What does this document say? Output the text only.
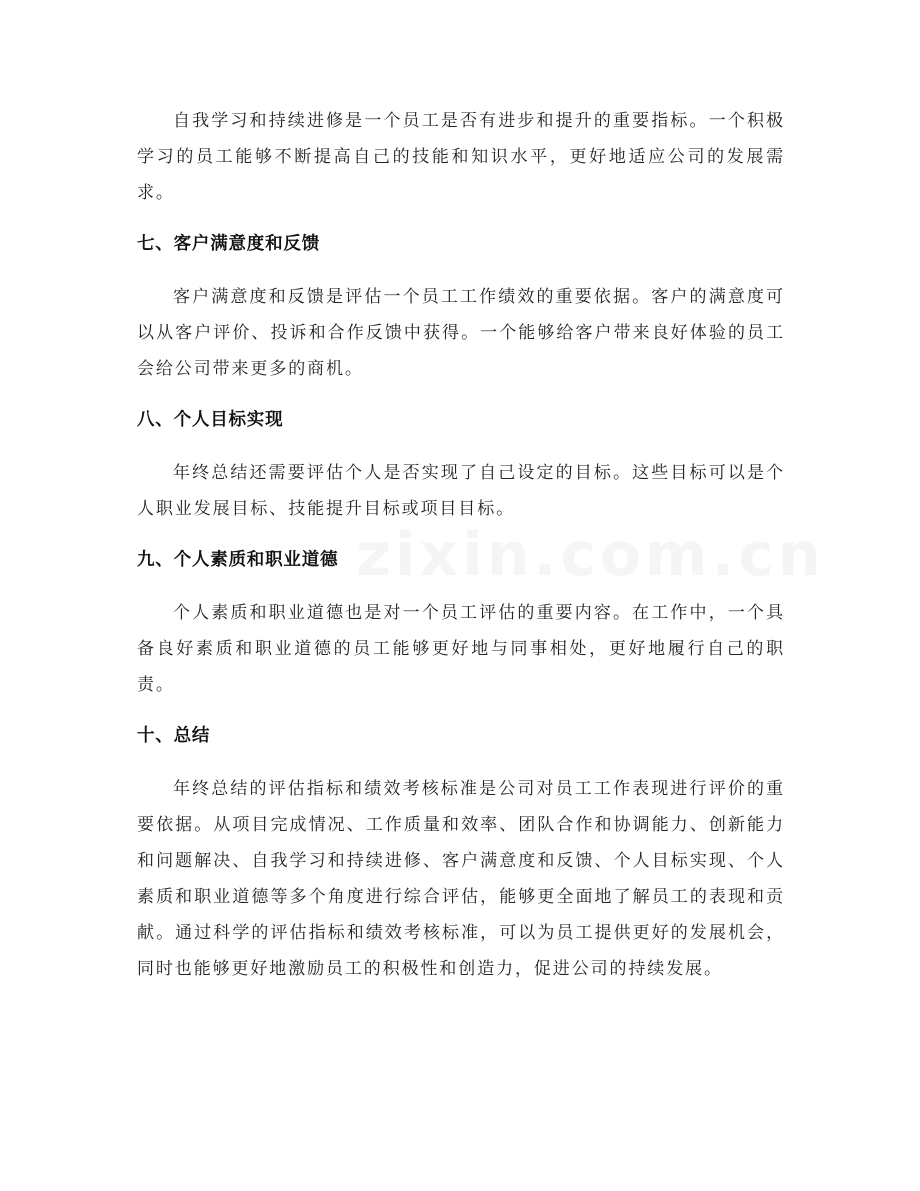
自我学习和持续进修是一个员工是否有进步和提升的重要指标。一个积极学习的员工能够不断提高自己的技能和知识水平，更好地适应公司的发展需求。

七、客户满意度和反馈

客户满意度和反馈是评估一个员工工作绩效的重要依据。客户的满意度可以从客户评价、投诉和合作反馈中获得。一个能够给客户带来良好体验的员工会给公司带来更多的商机。

八、个人目标实现

年终总结还需要评估个人是否实现了自己设定的目标。这些目标可以是个人职业发展目标、技能提升目标或项目目标。

九、个人素质和职业道德

个人素质和职业道德也是对一个员工评估的重要内容。在工作中，一个具备良好素质和职业道德的员工能够更好地与同事相处，更好地履行自己的职责。

十、总结

年终总结的评估指标和绩效考核标准是公司对员工工作表现进行评价的重要依据。从项目完成情况、工作质量和效率、团队合作和协调能力、创新能力和问题解决、自我学习和持续进修、客户满意度和反馈、个人目标实现、个人素质和职业道德等多个角度进行综合评估，能够更全面地了解员工的表现和贡献。通过科学的评估指标和绩效考核标准，可以为员工提供更好的发展机会，同时也能够更好地激励员工的积极性和创造力，促进公司的持续发展。

zixin.com.cn
